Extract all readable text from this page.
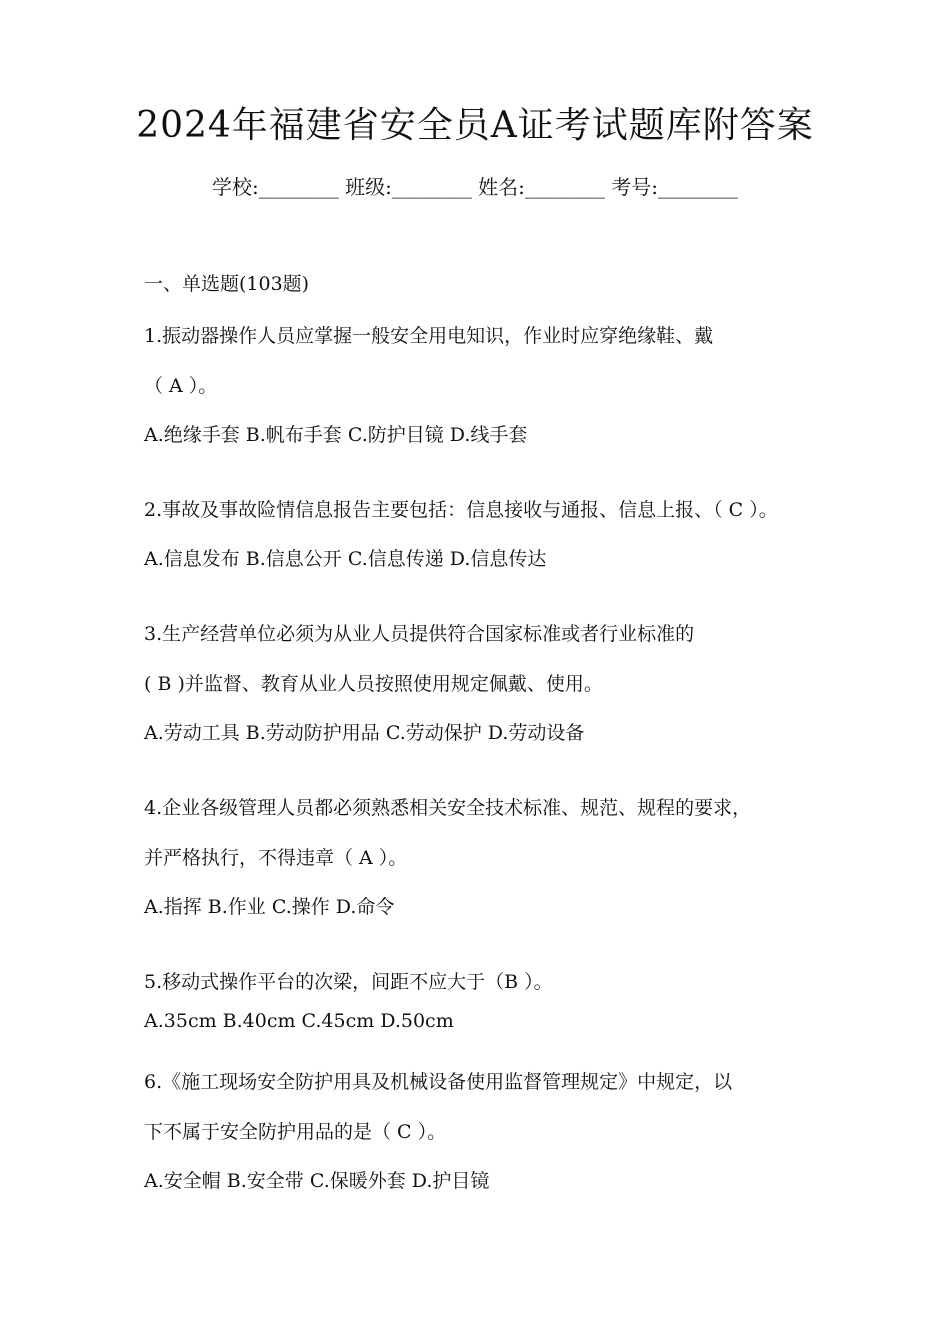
2024年福建省安全员A证考试题库附答案
学校:________ 班级:________ 姓名:________ 考号:________
一、单选题(103题)
1.振动器操作人员应掌握一般安全用电知识，作业时应穿绝缘鞋、戴
（ A ）。
A.绝缘手套 B.帆布手套 C.防护目镜 D.线手套
2.事故及事故险情信息报告主要包括：信息接收与通报、信息上报、（ C ）。
A.信息发布 B.信息公开 C.信息传递 D.信息传达
3.生产经营单位必须为从业人员提供符合国家标准或者行业标准的
( B )并监督、教育从业人员按照使用规定佩戴、使用。
A.劳动工具 B.劳动防护用品 C.劳动保护 D.劳动设备
4.企业各级管理人员都必须熟悉相关安全技术标准、规范、规程的要求，
并严格执行，不得违章（ A ）。
A.指挥 B.作业 C.操作 D.命令
5.移动式操作平台的次梁，间距不应大于（B ）。
A.35cm B.40cm C.45cm D.50cm
6.《施工现场安全防护用具及机械设备使用监督管理规定》中规定，以
下不属于安全防护用品的是（ C ）。
A.安全帽 B.安全带 C.保暖外套 D.护目镜
